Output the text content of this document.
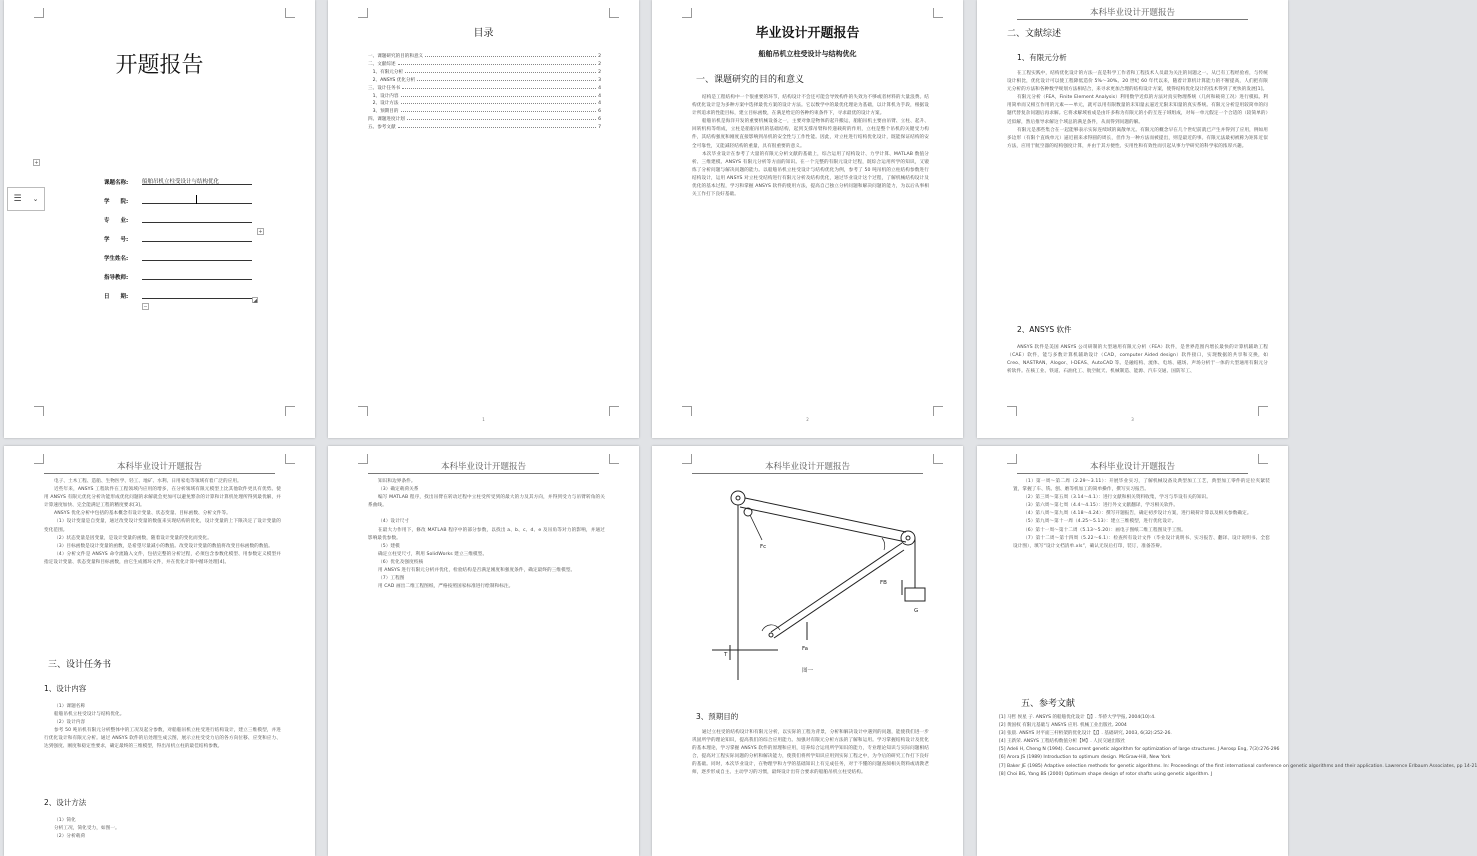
开题报告
+
☰ ⌄
+
−
◢
课题名称:	船舶吊机立柱受设计与结构优化
学　　院:
专　　业:
学　　号:
学生姓名:
指导教师:
日　　期:
目录
一、课题研究的目的和意义	2
二、文献综述	2
　1、有限元分析	2
　2、ANSYS 优化分析	3
三、设计任务书	4
　1、设计内容	4
　2、设计方法	4
　3、预期目的	6
四、课题进度计划	6
五、参考文献	7
1
毕业设计开题报告
船舶吊机立柱受设计与结构优化
一、课题研究的目的和意义

结构是工程结构中一个很重要的环节，结构设计不会还可能会导致构件的失效为不够或者材料的大量浪费。结构优化设计是为多种方案中选择最优方案的设计方法。它以数学中的最优化理论为基础，以计算机为手段，根据设计所追求的性能目标，建立目标函数，在满足给定的各种约束条件下，寻求最优的设计方案。

船舶吊机是海洋开发的重要机械设备之一，主要对象是物体的起升搬运，船舶吊机主要由吊臂、立柱、起升、回转机构等组成，立柱是船舶吊机的基础结构，起到支撑吊臂和传递载荷的作用，立柱是整个吊机的关键受力构件，其结构强度和刚度直接影响到吊机的安全性与工作性能。因此，对立柱进行结构优化设计，既能保证结构的安全可靠性，又能减轻结构的重量，具有很重要的意义。

本次毕业设计在参考了大量的有限元分析文献的基础上，综合运用了结构设计、力学计算、MATLAB 数值分析、三维建模、ANSYS 有限元分析等方面的知识。在一个完整的有限元设计过程，既综合运用所学的知识，又锻炼了分析问题与解决问题的能力。以船舶吊机立柱受设计与结构优化为例，参考了 50 吨吊机的立柱结构参数进行结构设计，运用 ANSYS 对立柱受结构进行有限元分析及结构优化，通过毕业设计这个过程，了解机械结构设计及优化的基本过程，学习和掌握 ANSYS 软件的使用方法，提高自己独立分析问题和解决问题的能力，为以后从事相关工作打下良好基础。

2
本科毕业设计开题报告
二、文献综述
1、有限元分析

在工程实践中，结构优化设计的方法一直是科学工作者和工程技术人员最为关注的问题之一。从已有工程经验看，与传统设计相比，优化设计可以使工程降低造价 5%～30%。20 世纪 60 年代以来，随着计算机计算能力的不断提高，人们把有限元分析的方法和各种数学规划方法相结合，来寻求更加合理的结构设计方案，使得结构优化设计的技术得到了更快的发展[1]。

有限元分析（FEA，Finite Element Analysis）利用数学近似的方法对真实物理系统（几何和载荷工况）进行模拟。利用简单而又相互作用的元素——单元，就可以用有限数量的未知量去逼近无限未知量的真实系统。有限元分析是用较简单的问题代替复杂问题后再求解。它将求解域看成是由许多称为有限元的小的互连子域组成，对每一单元假定一个合适的（较简单的）近似解，然后推导求解这个域总的满足条件，从而得到问题的解。

有限元是那些集合在一起能够表示实际连续域的离散单元。有限元的概念早在几个世纪前就已产生并得到了应用，例如用多边形（有限个直线单元）逼近圆来求得圆的周长，但作为一种方法而被提出，则是最近的事。有限元法最初被称为矩阵近似方法，应用于航空器的结构强度计算，并由于其方便性、实用性和有效性而引起从事力学研究的科学家的浓厚兴趣。

2、ANSYS 软件

ANSYS 软件是美国 ANSYS 公司研制的大型通用有限元分析（FEA）软件，是世界范围内增长最快的计算机辅助工程（CAE）软件，能与多数计算机辅助设计（CAD，computer Aided design）软件接口，实现数据的共享和交换，如 Creo、NASTRAN、Alogor、I-DEAS、AutoCAD 等。是融结构、流体、电场、磁场、声场分析于一体的大型通用有限元分析软件。在核工业、铁道、石油化工、航空航天、机械制造、能源、汽车交通、国防军工、

3
本科毕业设计开题报告

电子、土木工程、造船、生物医学、轻工、地矿、水利、日用家电等领域有着广泛的应用。

近些年来，ANSYS 工程软件在工程领域内应用的增多，在分析领域有限元模型上比其他软件更具有优势。使用 ANSYS 有限元优化分析功能形成优化问题的求解就会更加可以避免繁杂的计算和计算机处理所得到最优解，并计算速度加快、完全能满足工程的精度要求[3]。

ANSYS 优化分析中包括的基本概念有设计变量、状态变量、目标函数、分析文件等。

（1）设计变量是自变量，通过改变设计变量的数值来实现结构的优化，设计变量的上下限决定了设计变量的变化范围。

（2）状态变量是因变量，是设计变量的函数，随着设计变量的变化而变化。

（3）目标函数是设计变量的函数，是希望尽量减小的数值。改变设计变量的数值将改变目标函数的数值。

（4）分析文件是 ANSYS 命令流输入文件，包括完整的分析过程，必须包含参数化模型、用参数定义模型并指定设计变量、状态变量和目标函数，由它生成循环文件，并在优化计算中循环处理[4]。

三、设计任务书
1、设计内容

（1）课题名称

船舶吊机立柱受设计与结构优化。

（2）设计内容

参考 50 吨吊机有限元分析整体中的工况及起分参数，对船舶吊机立柱受进行结构设计，建立三维模型，并进行优化设计和有限元分析。通过 ANSYS 软件的后处理生成云图，展示立柱受受力后的各方向位移、应变和应力、达到强度、刚度和稳定性要求，确定最终的三维模型，得出吊机立柱的最佳结构参数。

2、设计方法

（1）简化

分析工况，简化受力，如图一。

（2）分析载荷

本科毕业设计开题报告

知识和边界条件。

（3）确定载荷关系

编写 MATLAB 程序，找出吊臂在转动过程中立柱受所受到的最大的力及其方向，并得到受力与吊臂转角的关系曲线。

（4）设计尺寸

在最大力作用下，修改 MATLAB 程序中的部分参数，以找出 a、b、c、d、e 及吊角等对力的影响，并通过影响最优参数。

（5）建模

确定立柱受尺寸，利用 SolidWorks 建立三维模型。

（6）优化及强度校核

用 ANSYS 进行有限元分析并优化，检验结构是否满足刚度和强度条件，确定最终的三维模型。

（7）工程图

用 CAD 画出二维工程图纸，严格按照国家标准进行绘制和标注。

本科毕业设计开题报告
Fc
FB
G
T
Fa
图一
3、预期目的

通过立柱受的结构设计和有限元分析，以实际的工程为背景，分析和解决设计中遇到的问题，能使我们进一步巩固所学的理论知识，提高我们的综合应用能力。加强对有限元分析方法的了解和运用。学习掌握结构设计及优化的基本理论，学习掌握 ANSYS 软件的原理和应用，培养综合运用所学知识的能力，专业理论知识与实际问题相结合，提高对工程实际问题的分析和解决能力，使我们将所学知识应用到实际工程之中，为今后的研究工作打下良好的基础。同时，本次毕业设计，在物理学和力学的基础知识上有完成任务，对于不懂的问题查阅相关资料或请教老师，逐步形成自主、主动学习的习惯，最终设计出符合要求的船舶吊机立柱受结构。

本科毕业设计开题报告

（1）第一周～第二周（2.29～3.11）：开展毕业实习，了解机械设备及典型加工工艺，典型加工零件的定位夹紧装置，掌握了车、铣、刨、磨等机加工的简单操作，撰写实习报告。

（2）第三周～第五周（3.14～4.1）：进行文献和相关资料收集，学习与毕设有关的知识。

（3）第六周～第七周（4.4～4.15）：进行外文文献翻译，学习相关软件。

（4）第八周～第九周（4.18～4.24）：撰写开题报告，确定初步设计方案，进行载荷计算以及相关参数确定。

（5）第九周～第十一周（4.25～5.13）：建立三维模型，进行优化设计。

（6）第十一周～第十二周（5.13～5.20）：画电子图纸二维工程图及手工图。

（7）第十二周～第十四周（5.22～6.1）：检查所有设计文件（毕业设计说明书、实习报告、翻译、设计说明书、全套设计图），填写“设计文档清单.xls”，确认无误后打印，装订，准备答辩。

五、参考文献
[1] 马哲 侯星 子. ANSYS 的船舶优化设计【J】. 华侨大学学报, 2004(10):4.
[2] 黄国权 有限元基础与 ANSYS 应用. 机械工业出版社, 2004
[3] 张晨. ANSYS 对平面三杆桁架的优化设计【J】. 基础研究, 2003, 6(32):252-26.
[4] 王新荣. ANSYS 工程结构数值分析【M】. 人民交通出版社
[5] Adeli H, Cheng N (1994). Concurrent genetic algorithm for optimization of large structures. J Aerosp Eng, 7(3):276-296
[6] Arora JS (1989) Introduction to optimum design. McGraw-Hill, New York
[7] Baker JE (1985) Adaptive selection methods for genetic algorithms. In: Proceedings of the first international conference on genetic algorithms and their application. Lawrence Erlbaum Associates, pp 14-21
[8] Choi BG, Yang BS (2000) Optimum shape design of rotor shafts using genetic algorithm. J
